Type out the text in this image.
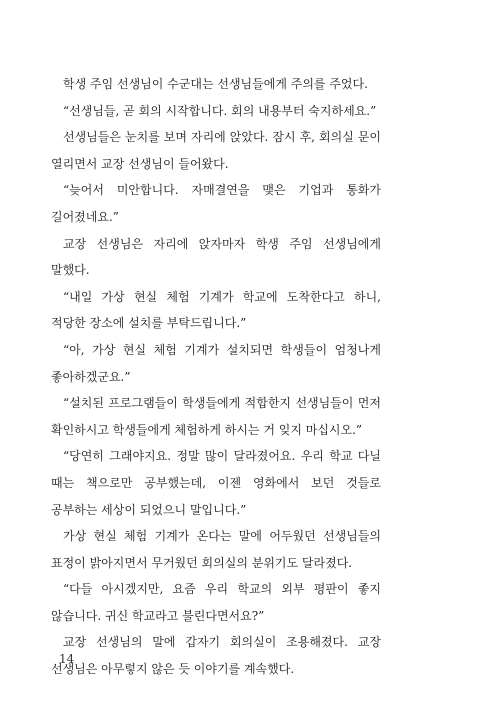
학생 주임 선생님이 수군대는 선생님들에게 주의를 주었다.

“선생님들, 곧 회의 시작합니다. 회의 내용부터 숙지하세요.”

선생님들은 눈치를 보며 자리에 앉았다. 잠시 후, 회의실 문이 열리면서 교장 선생님이 들어왔다.

“늦어서 미안합니다. 자매결연을 맺은 기업과 통화가 길어졌네요.”

교장 선생님은 자리에 앉자마자 학생 주임 선생님에게 말했다.

“내일 가상 현실 체험 기계가 학교에 도착한다고 하니, 적당한 장소에 설치를 부탁드립니다.”

“아, 가상 현실 체험 기계가 설치되면 학생들이 엄청나게 좋아하겠군요.”

“설치된 프로그램들이 학생들에게 적합한지 선생님들이 먼저 확인하시고 학생들에게 체험하게 하시는 거 잊지 마십시오.”

“당연히 그래야지요. 정말 많이 달라졌어요. 우리 학교 다닐 때는 책으로만 공부했는데, 이젠 영화에서 보던 것들로 공부하는 세상이 되었으니 말입니다.”

가상 현실 체험 기계가 온다는 말에 어두웠던 선생님들의 표정이 밝아지면서 무거웠던 회의실의 분위기도 달라졌다.

“다들 아시겠지만, 요즘 우리 학교의 외부 평판이 좋지 않습니다. 귀신 학교라고 불린다면서요?”

교장 선생님의 말에 갑자기 회의실이 조용해졌다. 교장 선생님은 아무렇지 않은 듯 이야기를 계속했다.

14
